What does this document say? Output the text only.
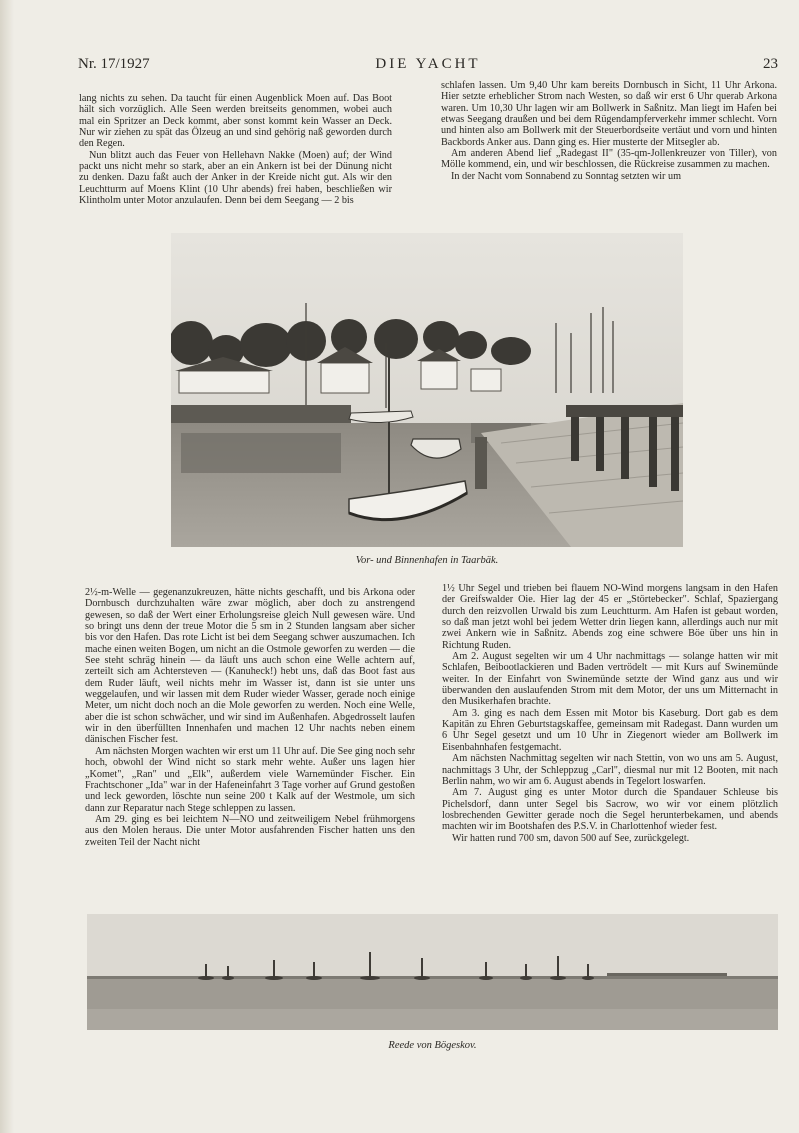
Nr. 17/1927	DIE YACHT	23

lang nichts zu sehen. Da taucht für einen Augenblick Moen auf. Das Boot hält sich vorzüglich. Alle Seen werden breitseits genommen, wobei auch mal ein Spritzer an Deck kommt, aber sonst kommt kein Wasser an Deck. Nur wir ziehen zu spät das Ölzeug an und sind gehörig naß geworden durch den Regen.

Nun blitzt auch das Feuer von Hellehavn Nakke (Moen) auf; der Wind packt uns nicht mehr so stark, aber an ein Ankern ist bei der Dünung nicht zu denken. Dazu faßt auch der Anker in der Kreide nicht gut. Als wir den Leuchtturm auf Moens Klint (10 Uhr abends) frei haben, beschließen wir Klintholm unter Motor anzulaufen. Denn bei dem Seegang — 2 bis

schlafen lassen. Um 9,40 Uhr kam bereits Dornbusch in Sicht, 11 Uhr Arkona. Hier setzte erheblicher Strom nach Westen, so daß wir erst 6 Uhr querab Arkona waren. Um 10,30 Uhr lagen wir am Bollwerk in Saßnitz. Man liegt im Hafen bei etwas Seegang draußen und bei dem Rügendampferverkehr immer schlecht. Vorn und hinten also am Bollwerk mit der Steuerbordseite vertäut und vorn und hinten Backbords Anker aus. Dann ging es. Hier musterte der Mitsegler ab.

Am anderen Abend lief „Radegast II" (35-qm-Jollenkreuzer von Tiller), von Mölle kommend, ein, und wir beschlossen, die Rückreise zusammen zu machen.

In der Nacht vom Sonnabend zu Sonntag setzten wir um

Vor- und Binnenhafen in Taarbäk.

2½-m-Welle — gegenanzukreuzen, hätte nichts geschafft, und bis Arkona oder Dornbusch durchzuhalten wäre zwar möglich, aber doch zu anstrengend gewesen, so daß der Wert einer Erholungsreise gleich Null gewesen wäre. Und so bringt uns denn der treue Motor die 5 sm in 2 Stunden langsam aber sicher bis vor den Hafen. Das rote Licht ist bei dem Seegang schwer auszumachen. Ich mache einen weiten Bogen, um nicht an die Ostmole geworfen zu werden — die See steht schräg hinein — da läuft uns auch schon eine Welle achtern auf, zerteilt sich am Achtersteven — (Kanuheck!) hebt uns, daß das Boot fast aus dem Ruder läuft, weil nichts mehr im Wasser ist, dann ist sie unter uns weggelaufen, und wir lassen mit dem Ruder wieder Wasser, gerade noch einige Meter, um nicht doch noch an die Mole geworfen zu werden. Noch eine Welle, aber die ist schon schwächer, und wir sind im Außenhafen. Abgedrosselt laufen wir in den überfüllten Innenhafen und machen 12 Uhr nachts neben einem dänischen Fischer fest.

Am nächsten Morgen wachten wir erst um 11 Uhr auf. Die See ging noch sehr hoch, obwohl der Wind nicht so stark mehr wehte. Außer uns lagen hier „Komet", „Ran" und „Elk", außerdem viele Warnemünder Fischer. Ein Frachtschoner „Ida" war in der Hafeneinfahrt 3 Tage vorher auf Grund gestoßen und leck geworden, löschte nun seine 200 t Kalk auf der Westmole, um sich dann zur Reparatur nach Stege schleppen zu lassen.

Am 29. ging es bei leichtem N—NO und zeitweiligem Nebel frühmorgens aus den Molen heraus. Die unter Motor ausfahrenden Fischer hatten uns den zweiten Teil der Nacht nicht

1½ Uhr Segel und trieben bei flauem NO-Wind morgens langsam in den Hafen der Greifswalder Oie. Hier lag der 45 er „Störtebecker". Schlaf, Spaziergang durch den reizvollen Urwald bis zum Leuchtturm. Am Hafen ist gebaut worden, so daß man jetzt wohl bei jedem Wetter drin liegen kann, allerdings auch nur mit zwei Ankern wie in Saßnitz. Abends zog eine schwere Böe über uns hin in Richtung Ruden.

Am 2. August segelten wir um 4 Uhr nachmittags — solange hatten wir mit Schlafen, Beibootlackieren und Baden vertrödelt — mit Kurs auf Swinemünde weiter. In der Einfahrt von Swinemünde setzte der Wind ganz aus und wir überwanden den auslaufenden Strom mit dem Motor, der uns um Mitternacht in den Musikerhafen brachte.

Am 3. ging es nach dem Essen mit Motor bis Kaseburg. Dort gab es dem Kapitän zu Ehren Geburtstagskaffee, gemeinsam mit Radegast. Dann wurden um 6 Uhr Segel gesetzt und um 10 Uhr in Ziegenort wieder am Bollwerk im Eisenbahnhafen festgemacht.

Am nächsten Nachmittag segelten wir nach Stettin, von wo uns am 5. August, nachmittags 3 Uhr, der Schleppzug „Carl", diesmal nur mit 12 Booten, mit nach Berlin nahm, wo wir am 6. August abends in Tegelort loswarfen.

Am 7. August ging es unter Motor durch die Spandauer Schleuse bis Pichelsdorf, dann unter Segel bis Sacrow, wo wir vor einem plötzlich losbrechenden Gewitter gerade noch die Segel herunterbekamen, und abends machten wir im Bootshafen des P.S.V. in Charlottenhof wieder fest.

Wir hatten rund 700 sm, davon 500 auf See, zurückgelegt.

Reede von Bögeskov.
